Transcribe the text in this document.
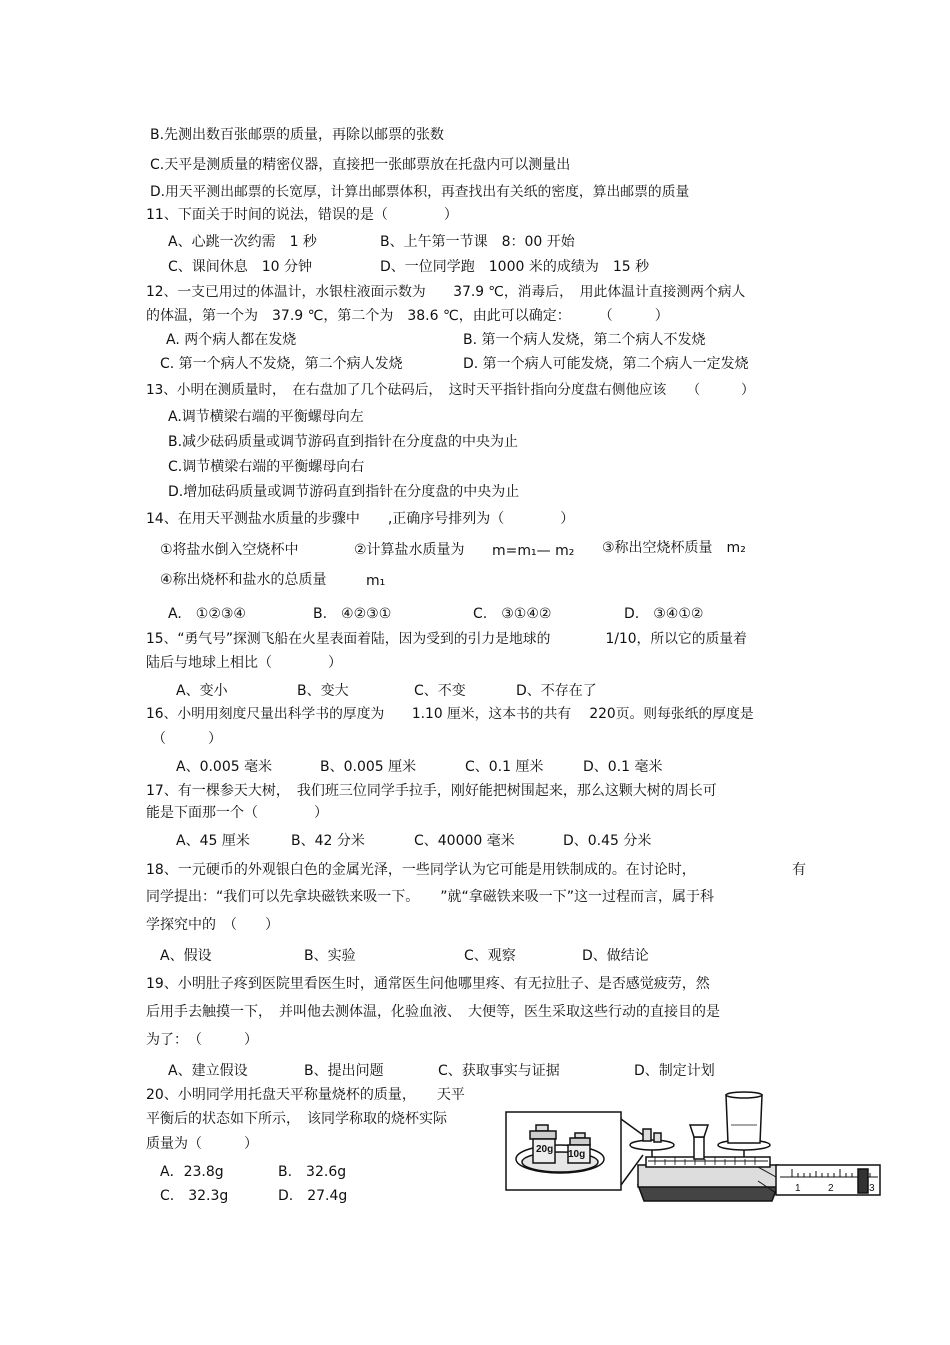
B.先测出数百张邮票的质量，再除以邮票的张数
C.天平是测质量的精密仪器，直接把一张邮票放在托盘内可以测量出
D.用天平测出邮票的长宽厚，计算出邮票体积，再查找出有关纸的密度，算出邮票的质量
11、下面关于时间的说法，错误的是（　　　　）
A、心跳一次约需　1 秒	B、上午第一节课　8：00 开始
C、课间休息　10 分钟	D、一位同学跑　1000 米的成绩为　15 秒
12、一支已用过的体温计，水银柱液面示数为　　37.9 ℃，消毒后，　用此体温计直接测两个病人
的体温，第一个为　37.9 ℃，第二个为　38.6 ℃，由此可以确定：　　　（　　　）
A. 两个病人都在发烧	B. 第一个病人发烧，第二个病人不发烧
C. 第一个病人不发烧，第二个病人发烧	D. 第一个病人可能发烧，第二个病人一定发烧
13、小明在测质量时，　在右盘加了几个砝码后，　这时天平指针指向分度盘右侧他应该　　（　　　）
A.调节横梁右端的平衡螺母向左
B.减少砝码质量或调节游码直到指针在分度盘的中央为止
C.调节横梁右端的平衡螺母向右
D.增加砝码质量或调节游码直到指针在分度盘的中央为止
14、在用天平测盐水质量的步骤中　　,正确序号排列为（　　　　）
①将盐水倒入空烧杯中	②计算盐水质量为 m=m₁— m₂ ③称出空烧杯质量　m₂
④称出烧杯和盐水的总质量	m₁
A.　①②③④	B.　④②③①	C.　③①④②	D.　③④①②
15、“勇气号”探测飞船在火星表面着陆，因为受到的引力是地球的　　　　1/10，所以它的质量着
陆后与地球上相比（　　　　）
A、变小	B、变大	C、不变	D、不存在了
16、小明用刻度尺量出科学书的厚度为　　1.10 厘米，这本书的共有　 220页。则每张纸的厚度是
（　　　）
A、0.005 毫米	B、0.005 厘米	C、0.1 厘米	D、0.1 毫米
17、有一棵参天大树，　我们班三位同学手拉手，刚好能把树围起来，那么这颗大树的周长可
能是下面那一个（　　　　）
A、45 厘米	B、42 分米	C、40000 毫米	D、0.45 分米
18、一元硬币的外观银白色的金属光泽，一些同学认为它可能是用铁制成的。在讨论时，	有
同学提出：“我们可以先拿块磁铁来吸一下。　　”就“拿磁铁来吸一下”这一过程而言，属于科
学探究中的　（　　）
A、假设	B、实验	C、观察	D、做结论
19、小明肚子疼到医院里看医生时，通常医生问他哪里疼、有无拉肚子、是否感觉疲劳，然
后用手去触摸一下，　并叫他去测体温，化验血液、　大便等，医生采取这些行动的直接目的是
为了：　（　　　）
A、建立假设	B、提出问题	C、获取事实与证据	D、制定计划
20、小明同学用托盘天平称量烧杯的质量，　　天平
平衡后的状态如下所示，　该同学称取的烧杯实际
质量为（　　　）
A．23.8g	B.　32.6g
C.　32.3g	D.　27.4g
20g 10g
1	2	3
